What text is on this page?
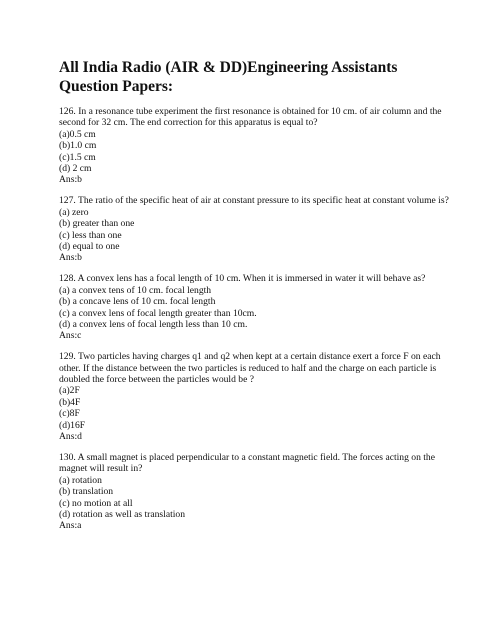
All India Radio (AIR & DD)Engineering Assistants Question Papers:

126. In a resonance tube experiment the first resonance is obtained for 10 cm. of air column and the second for 32 cm. The end correction for this apparatus is equal to?

(a)0.5 cm
(b)1.0 cm
(c)1.5 cm
(d) 2 cm

Ans:b

127. The ratio of the specific heat of air at constant pressure to its specific heat at constant volume is?

(a) zero
(b) greater than one
(c) less than one
(d) equal to one

Ans:b

128. A convex lens has a focal length of 10 cm. When it is immersed in water it will behave as?

(a) a convex tens of 10 cm. focal length
(b) a concave lens of 10 cm. focal length
(c) a convex lens of focal length greater than 10cm.
(d) a convex lens of focal length less than 10 cm.

Ans:c

129. Two particles having charges q1 and q2 when kept at a certain distance exert a force F on each other. If the distance between the two particles is reduced to half and the charge on each particle is doubled the force between the particles would be ?

(a)2F
(b)4F
(c)8F
(d)16F

Ans:d

130. A small magnet is placed perpendicular to a constant magnetic field. The forces acting on the magnet will result in?

(a) rotation
(b) translation
(c) no motion at all
(d) rotation as well as translation

Ans:a
